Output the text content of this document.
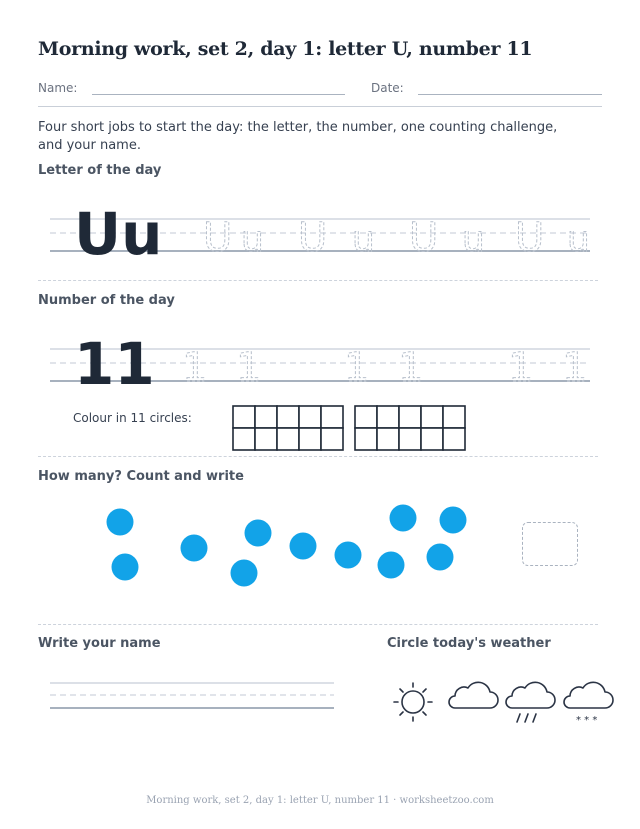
Morning work, set 2, day 1: letter U, number 11
Name:	Date:
Four short jobs to start the day: the letter, the number, one counting challenge, and your name.
Letter of the day
Uu U u U u U u U u
Number of the day
11 1 1 1 1 1 1
Colour in 11 circles:
How many? Count and write
Write your name	Circle today's weather
* * *
Morning work, set 2, day 1: letter U, number 11 · worksheetzoo.com
